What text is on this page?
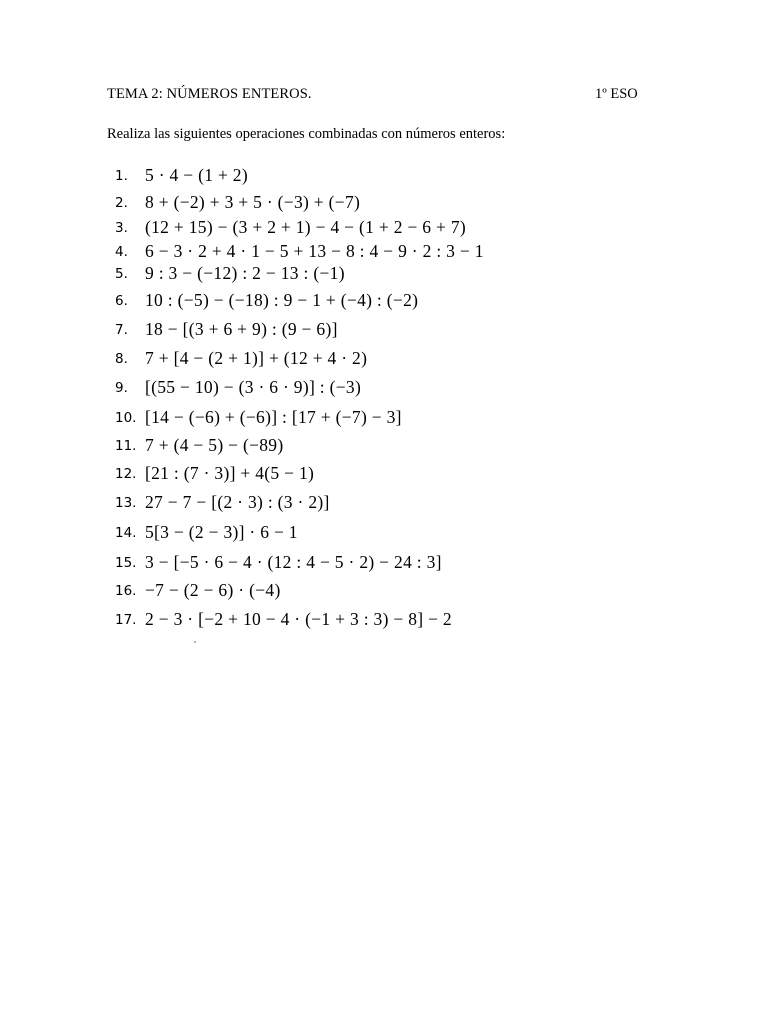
TEMA 2: NÚMEROS ENTEROS.	1º ESO
Realiza las siguientes operaciones combinadas con números enteros:
1. 5 · 4 − (1 + 2)
2. 8 + (−2) + 3 + 5 · (−3) + (−7)
3. (12 + 15) − (3 + 2 + 1) − 4 − (1 + 2 − 6 + 7)
4. 6 − 3 · 2 + 4 · 1 − 5 + 13 − 8 : 4 − 9 · 2 : 3 − 1
5. 9 : 3 − (−12) : 2 − 13 : (−1)
6. 10 : (−5) − (−18) : 9 − 1 + (−4) : (−2)
7. 18 − [(3 + 6 + 9) : (9 − 6)]
8. 7 + [4 − (2 + 1)] + (12 + 4 · 2)
9. [(55 − 10) − (3 · 6 · 9)] : (−3)
10. [14 − (−6) + (−6)] : [17 + (−7) − 3]
11. 7 + (4 − 5) − (−89)
12. [21 : (7 · 3)] + 4(5 − 1)
13. 27 − 7 − [(2 · 3) : (3 · 2)]
14. 5[3 − (2 − 3)] · 6 − 1
15. 3 − [−5 · 6 − 4 · (12 : 4 − 5 · 2) − 24 : 3]
16. −7 − (2 − 6) · (−4)
17. 2 − 3 · [−2 + 10 − 4 · (−1 + 3 : 3) − 8] − 2
